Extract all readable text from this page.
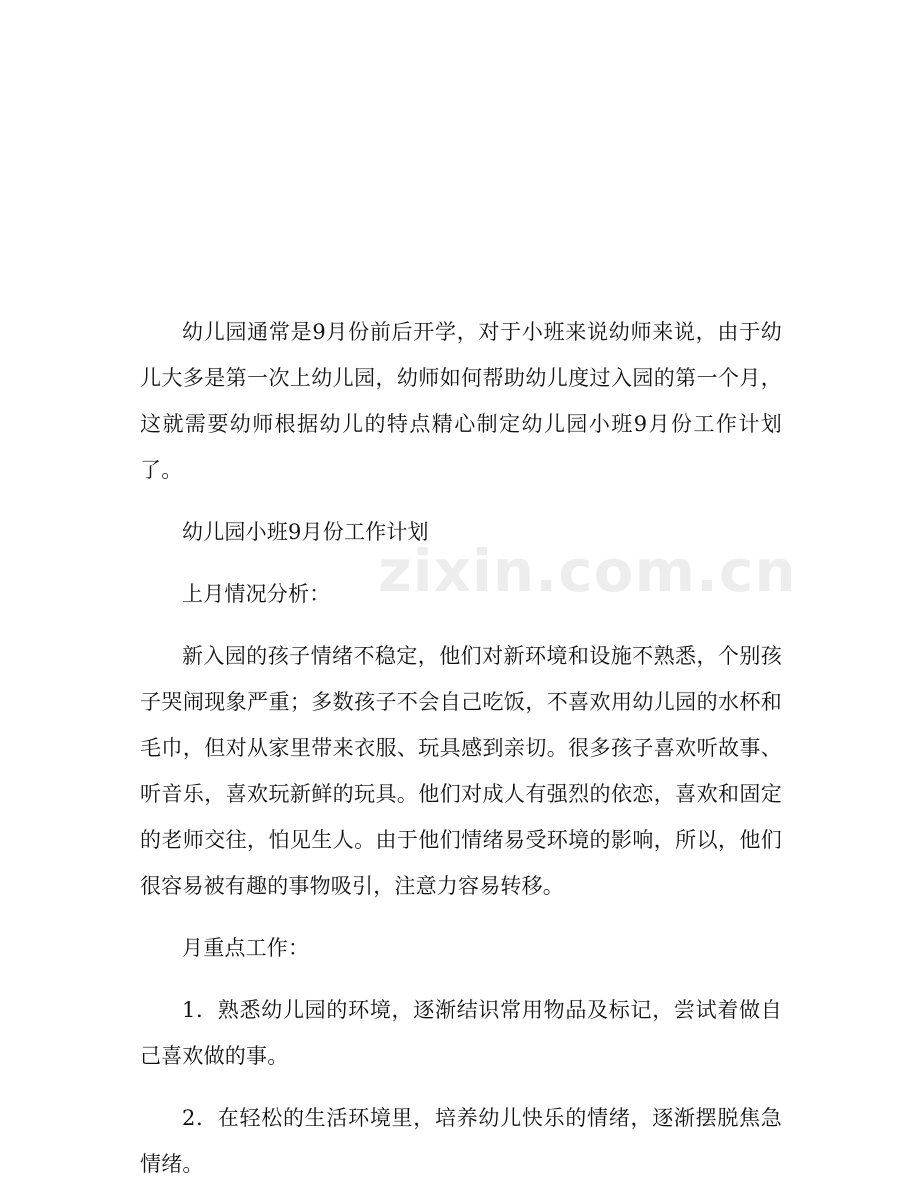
幼儿园通常是9月份前后开学，对于小班来说幼师来说，由于幼儿大多是第一次上幼儿园，幼师如何帮助幼儿度过入园的第一个月，这就需要幼师根据幼儿的特点精心制定幼儿园小班9月份工作计划了。

幼儿园小班9月份工作计划

上月情况分析：

新入园的孩子情绪不稳定，他们对新环境和设施不熟悉，个别孩子哭闹现象严重；多数孩子不会自己吃饭，不喜欢用幼儿园的水杯和毛巾，但对从家里带来衣服、玩具感到亲切。很多孩子喜欢听故事、听音乐，喜欢玩新鲜的玩具。他们对成人有强烈的依恋，喜欢和固定的老师交往，怕见生人。由于他们情绪易受环境的影响，所以，他们很容易被有趣的事物吸引，注意力容易转移。

月重点工作：

1．熟悉幼儿园的环境，逐渐结识常用物品及标记，尝试着做自己喜欢做的事。

2．在轻松的生活环境里，培养幼儿快乐的情绪，逐渐摆脱焦急情绪。

zixin.com.cn
